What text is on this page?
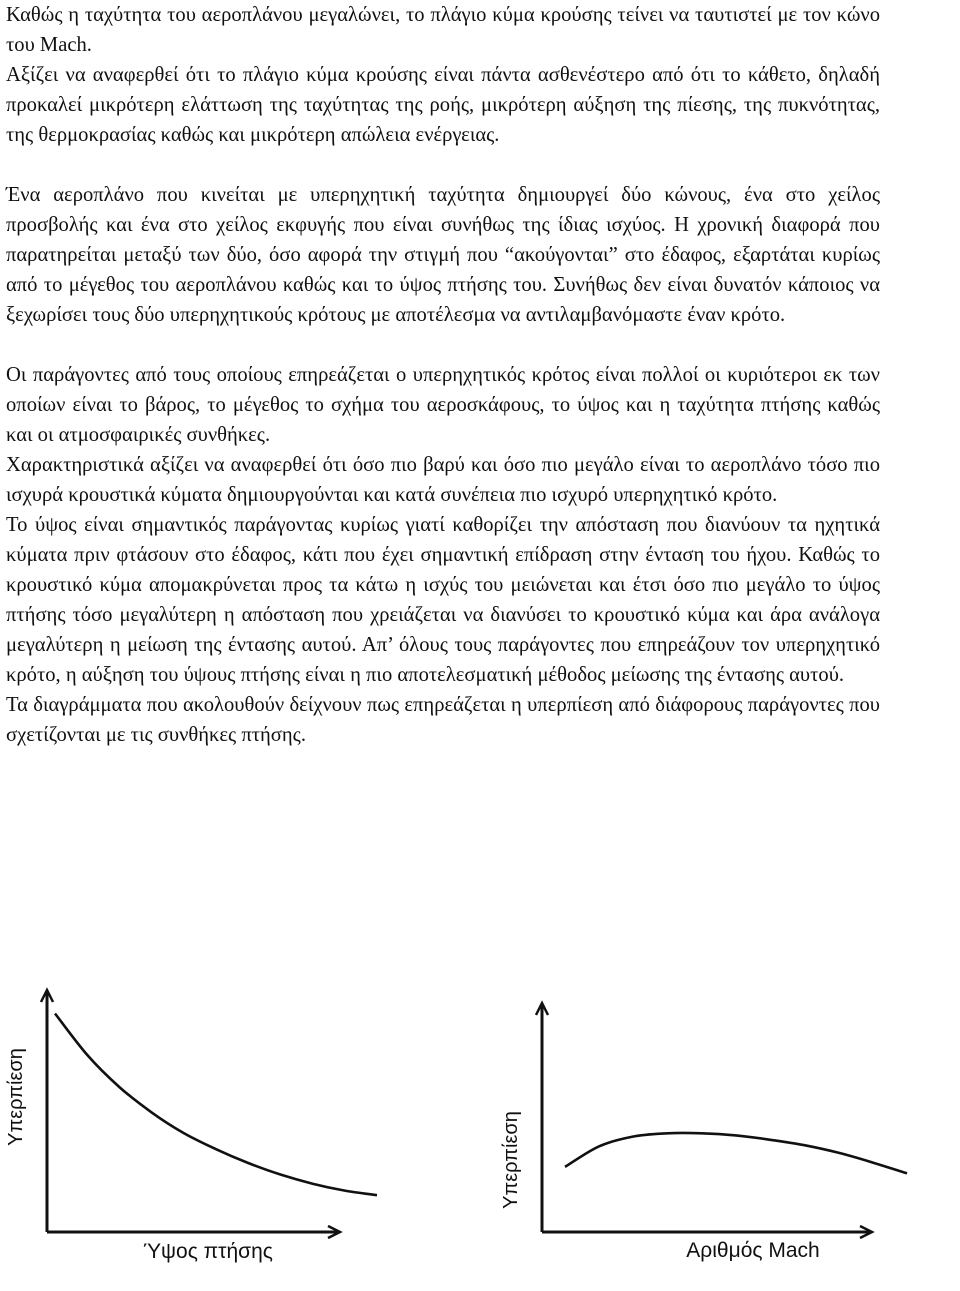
Καθώς η ταχύτητα του αεροπλάνου μεγαλώνει, το πλάγιο κύμα κρούσης τείνει να ταυτιστεί με τον κώνο του Mach.

Αξίζει να αναφερθεί ότι το πλάγιο κύμα κρούσης είναι πάντα ασθενέστερο από ότι το κάθετο, δηλαδή προκαλεί μικρότερη ελάττωση της ταχύτητας της ροής, μικρότερη αύξηση της πίεσης, της πυκνότητας, της θερμοκρασίας καθώς και μικρότερη απώλεια ενέργειας.

Ένα αεροπλάνο που κινείται με υπερηχητική ταχύτητα δημιουργεί δύο κώνους, ένα στο χείλος προσβολής και ένα στο χείλος εκφυγής που είναι συνήθως της ίδιας ισχύος. Η χρονική διαφορά που παρατηρείται μεταξύ των δύο, όσο αφορά την στιγμή που “ακούγονται” στο έδαφος, εξαρτάται κυρίως από το μέγεθος του αεροπλάνου καθώς και το ύψος πτήσης του. Συνήθως δεν είναι δυνατόν κάποιος να ξεχωρίσει τους δύο υπερηχητικούς κρότους με αποτέλεσμα να αντιλαμβανόμαστε έναν κρότο.

Οι παράγοντες από τους οποίους επηρεάζεται ο υπερηχητικός κρότος είναι πολλοί οι κυριότεροι εκ των οποίων είναι το βάρος, το μέγεθος το σχήμα του αεροσκάφους, το ύψος και η ταχύτητα πτήσης καθώς και οι ατμοσφαιρικές συνθήκες.

Χαρακτηριστικά αξίζει να αναφερθεί ότι όσο πιο βαρύ και όσο πιο μεγάλο είναι το αεροπλάνο τόσο πιο ισχυρά κρουστικά κύματα δημιουργούνται και κατά συνέπεια πιο ισχυρό υπερηχητικό κρότο.

Το ύψος είναι σημαντικός παράγοντας κυρίως γιατί καθορίζει την απόσταση που διανύουν τα ηχητικά κύματα πριν φτάσουν στο έδαφος, κάτι που έχει σημαντική επίδραση στην ένταση του ήχου. Καθώς το κρουστικό κύμα απομακρύνεται προς τα κάτω η ισχύς του μειώνεται και έτσι όσο πιο μεγάλο το ύψος πτήσης τόσο μεγαλύτερη η απόσταση που χρειάζεται να διανύσει το κρουστικό κύμα και άρα ανάλογα μεγαλύτερη η μείωση της έντασης αυτού. Απ’ όλους τους παράγοντες που επηρεάζουν τον υπερηχητικό κρότο, η αύξηση του ύψους πτήσης είναι η πιο αποτελεσματική μέθοδος μείωσης της έντασης αυτού.

Τα διαγράμματα που ακολουθούν δείχνουν πως επηρεάζεται η υπερπίεση από διάφορους παράγοντες που σχετίζονται με τις συνθήκες πτήσης.

Υπερπίεση
Ύψος πτήσης
Υπερπίεση
Αριθμός Mach
